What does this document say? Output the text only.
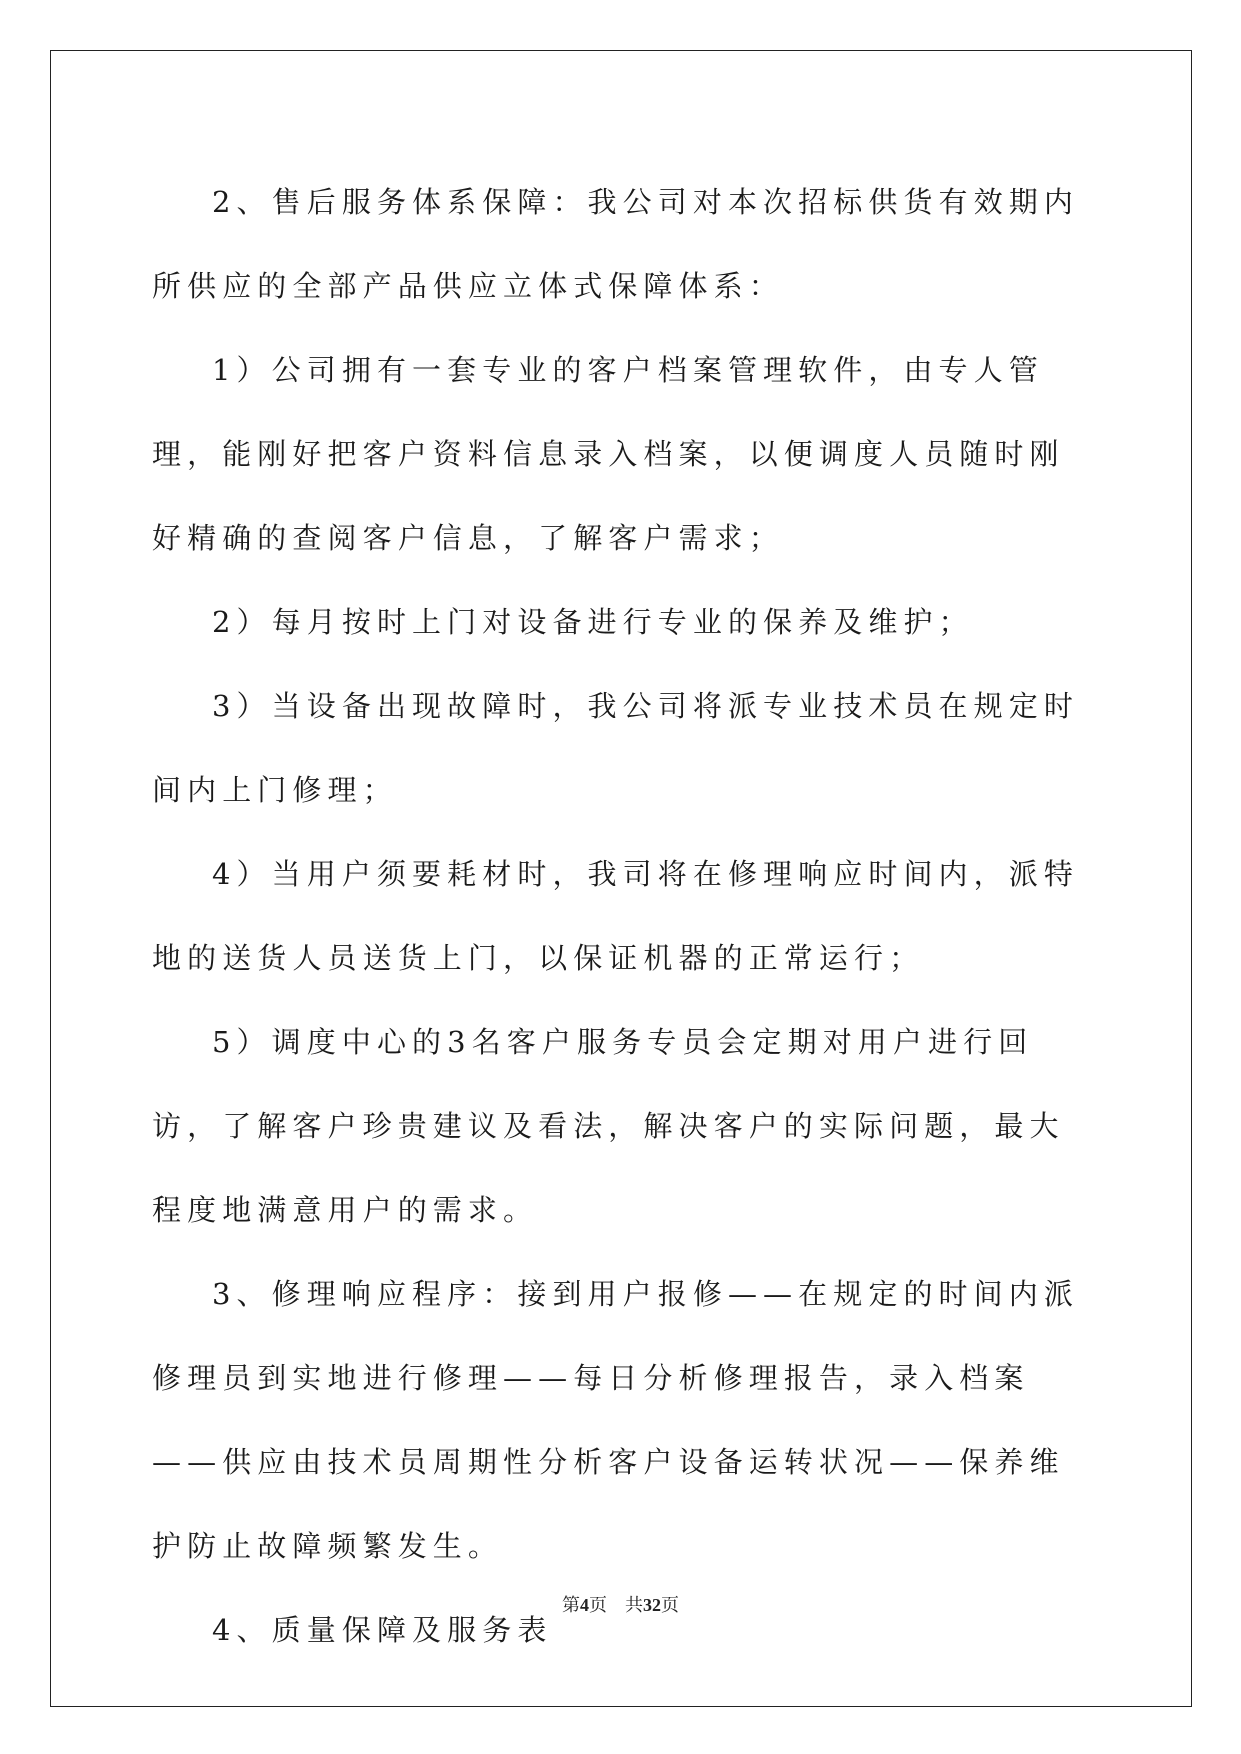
2、售后服务体系保障：我公司对本次招标供货有效期内所供应的全部产品供应立体式保障体系：

1）公司拥有一套专业的客户档案管理软件，由专人管理，能刚好把客户资料信息录入档案，以便调度人员随时刚好精确的查阅客户信息，了解客户需求；

2）每月按时上门对设备进行专业的保养及维护；

3）当设备出现故障时，我公司将派专业技术员在规定时间内上门修理；

4）当用户须要耗材时，我司将在修理响应时间内，派特地的送货人员送货上门，以保证机器的正常运行；

5）调度中心的3名客户服务专员会定期对用户进行回访，了解客户珍贵建议及看法，解决客户的实际问题，最大程度地满意用户的需求。

3、修理响应程序：接到用户报修——在规定的时间内派修理员到实地进行修理——每日分析修理报告，录入档案——供应由技术员周期性分析客户设备运转状况——保养维护防止故障频繁发生。

4、质量保障及服务表

第4页 共32页
